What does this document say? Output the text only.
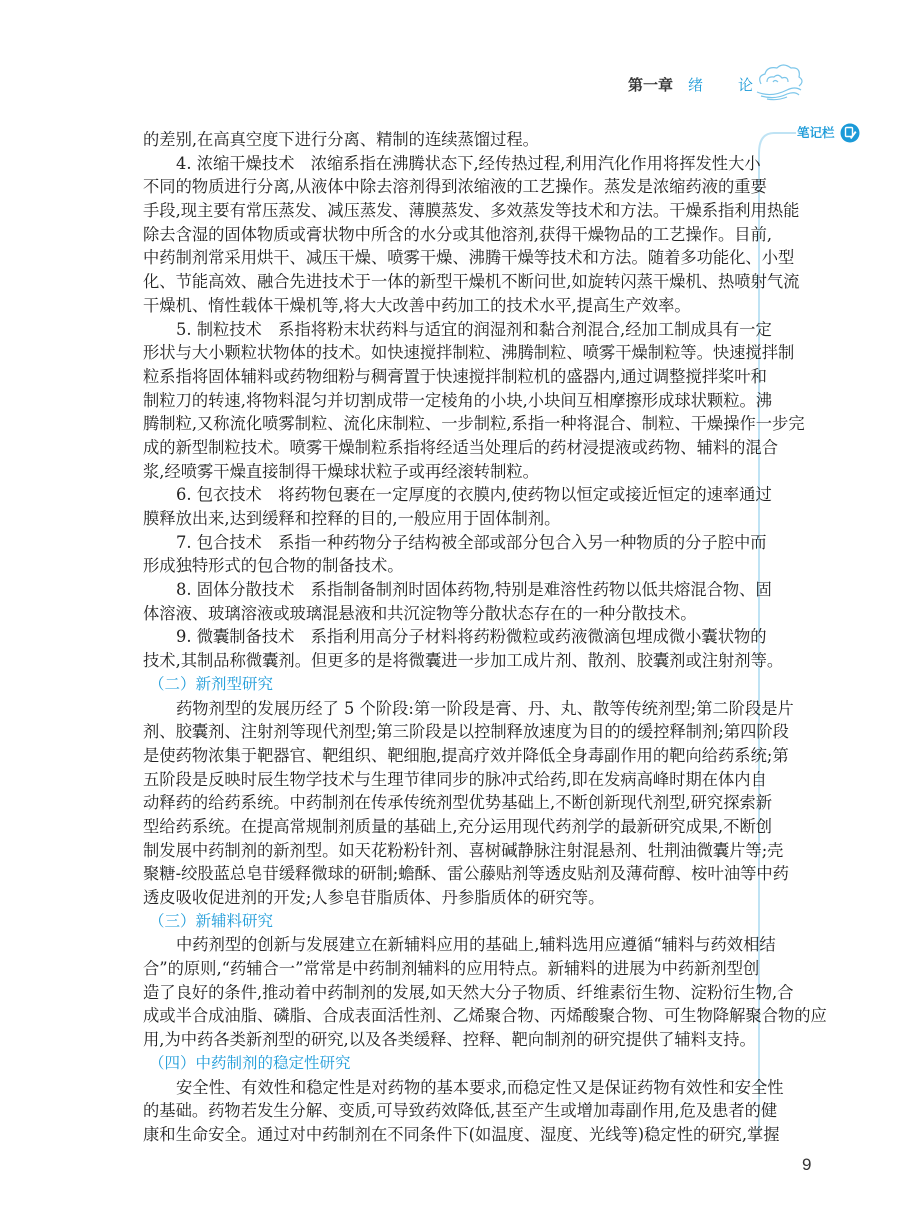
第一章 绪 论
笔记栏
的差别,在高真空度下进行分离、精制的连续蒸馏过程。
4. 浓缩干燥技术　浓缩系指在沸腾状态下,经传热过程,利用汽化作用将挥发性大小
不同的物质进行分离,从液体中除去溶剂得到浓缩液的工艺操作。蒸发是浓缩药液的重要
手段,现主要有常压蒸发、减压蒸发、薄膜蒸发、多效蒸发等技术和方法。干燥系指利用热能
除去含湿的固体物质或膏状物中所含的水分或其他溶剂,获得干燥物品的工艺操作。目前,
中药制剂常采用烘干、减压干燥、喷雾干燥、沸腾干燥等技术和方法。随着多功能化、小型
化、节能高效、融合先进技术于一体的新型干燥机不断问世,如旋转闪蒸干燥机、热喷射气流
干燥机、惰性载体干燥机等,将大大改善中药加工的技术水平,提高生产效率。
5. 制粒技术　系指将粉末状药料与适宜的润湿剂和黏合剂混合,经加工制成具有一定
形状与大小颗粒状物体的技术。如快速搅拌制粒、沸腾制粒、喷雾干燥制粒等。快速搅拌制
粒系指将固体辅料或药物细粉与稠膏置于快速搅拌制粒机的盛器内,通过调整搅拌桨叶和
制粒刀的转速,将物料混匀并切割成带一定棱角的小块,小块间互相摩擦形成球状颗粒。沸
腾制粒,又称流化喷雾制粒、流化床制粒、一步制粒,系指一种将混合、制粒、干燥操作一步完
成的新型制粒技术。喷雾干燥制粒系指将经适当处理后的药材浸提液或药物、辅料的混合
浆,经喷雾干燥直接制得干燥球状粒子或再经滚转制粒。
6. 包衣技术　将药物包裹在一定厚度的衣膜内,使药物以恒定或接近恒定的速率通过
膜释放出来,达到缓释和控释的目的,一般应用于固体制剂。
7. 包合技术　系指一种药物分子结构被全部或部分包合入另一种物质的分子腔中而
形成独特形式的包合物的制备技术。
8. 固体分散技术　系指制备制剂时固体药物,特别是难溶性药物以低共熔混合物、固
体溶液、玻璃溶液或玻璃混悬液和共沉淀物等分散状态存在的一种分散技术。
9. 微囊制备技术　系指利用高分子材料将药粉微粒或药液微滴包埋成微小囊状物的
技术,其制品称微囊剂。但更多的是将微囊进一步加工成片剂、散剂、胶囊剂或注射剂等。
（二）新剂型研究
药物剂型的发展历经了 5 个阶段:第一阶段是膏、丹、丸、散等传统剂型;第二阶段是片
剂、胶囊剂、注射剂等现代剂型;第三阶段是以控制释放速度为目的的缓控释制剂;第四阶段
是使药物浓集于靶器官、靶组织、靶细胞,提高疗效并降低全身毒副作用的靶向给药系统;第
五阶段是反映时辰生物学技术与生理节律同步的脉冲式给药,即在发病高峰时期在体内自
动释药的给药系统。中药制剂在传承传统剂型优势基础上,不断创新现代剂型,研究探索新
型给药系统。在提高常规制剂质量的基础上,充分运用现代药剂学的最新研究成果,不断创
制发展中药制剂的新剂型。如天花粉粉针剂、喜树碱静脉注射混悬剂、牡荆油微囊片等;壳
聚糖-绞股蓝总皂苷缓释微球的研制;蟾酥、雷公藤贴剂等透皮贴剂及薄荷醇、桉叶油等中药
透皮吸收促进剂的开发;人参皂苷脂质体、丹参脂质体的研究等。
（三）新辅料研究
中药剂型的创新与发展建立在新辅料应用的基础上,辅料选用应遵循“辅料与药效相结
合”的原则,“药辅合一”常常是中药制剂辅料的应用特点。新辅料的进展为中药新剂型创
造了良好的条件,推动着中药制剂的发展,如天然大分子物质、纤维素衍生物、淀粉衍生物,合
成或半合成油脂、磷脂、合成表面活性剂、乙烯聚合物、丙烯酸聚合物、可生物降解聚合物的应
用,为中药各类新剂型的研究,以及各类缓释、控释、靶向制剂的研究提供了辅料支持。
（四）中药制剂的稳定性研究
安全性、有效性和稳定性是对药物的基本要求,而稳定性又是保证药物有效性和安全性
的基础。药物若发生分解、变质,可导致药效降低,甚至产生或增加毒副作用,危及患者的健
康和生命安全。通过对中药制剂在不同条件下(如温度、湿度、光线等)稳定性的研究,掌握
9
